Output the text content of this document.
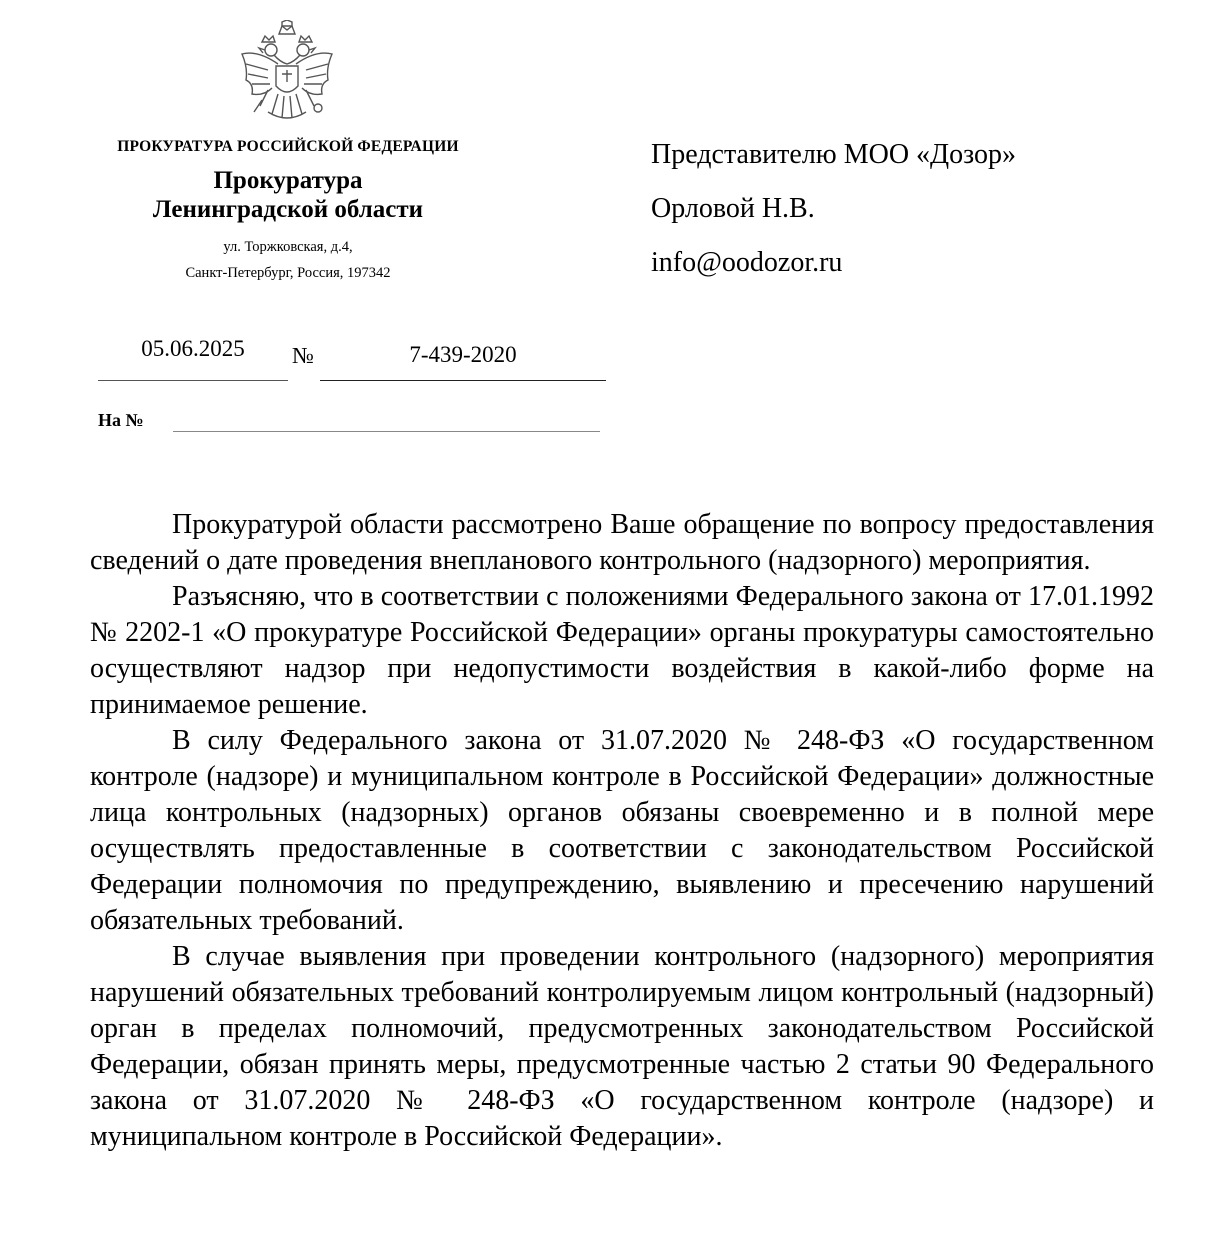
ПРОКУРАТУРА РОССИЙСКОЙ ФЕДЕРАЦИИ
Прокуратура
Ленинградской области
ул. Торжковская, д.4,
Санкт-Петербург, Россия, 197342
Представителю МОО «Дозор»
Орловой Н.В.
info@oodozor.ru
05.06.2025	№	7-439-2020
На №

Прокуратурой области рассмотрено Ваше обращение по вопросу предоставления сведений о дате проведения внепланового контрольного (надзорного) мероприятия.

Разъясняю, что в соответствии с положениями Федерального закона от 17.01.1992 № 2202-1 «О прокуратуре Российской Федерации» органы прокуратуры самостоятельно осуществляют надзор при недопустимости воздействия в какой-либо форме на принимаемое решение.

В силу Федерального закона от 31.07.2020 № 248-ФЗ «О государственном контроле (надзоре) и муниципальном контроле в Российской Федерации» должностные лица контрольных (надзорных) органов обязаны своевременно и в полной мере осуществлять предоставленные в соответствии с законодательством Российской Федерации полномочия по предупреждению, выявлению и пресечению нарушений обязательных требований.

В случае выявления при проведении контрольного (надзорного) мероприятия нарушений обязательных требований контролируемым лицом контрольный (надзорный) орган в пределах полномочий, предусмотренных законодательством Российской Федерации, обязан принять меры, предусмотренные частью 2 статьи 90 Федерального закона от 31.07.2020 № 248-ФЗ «О государственном контроле (надзоре) и муниципальном контроле в Российской Федерации».
